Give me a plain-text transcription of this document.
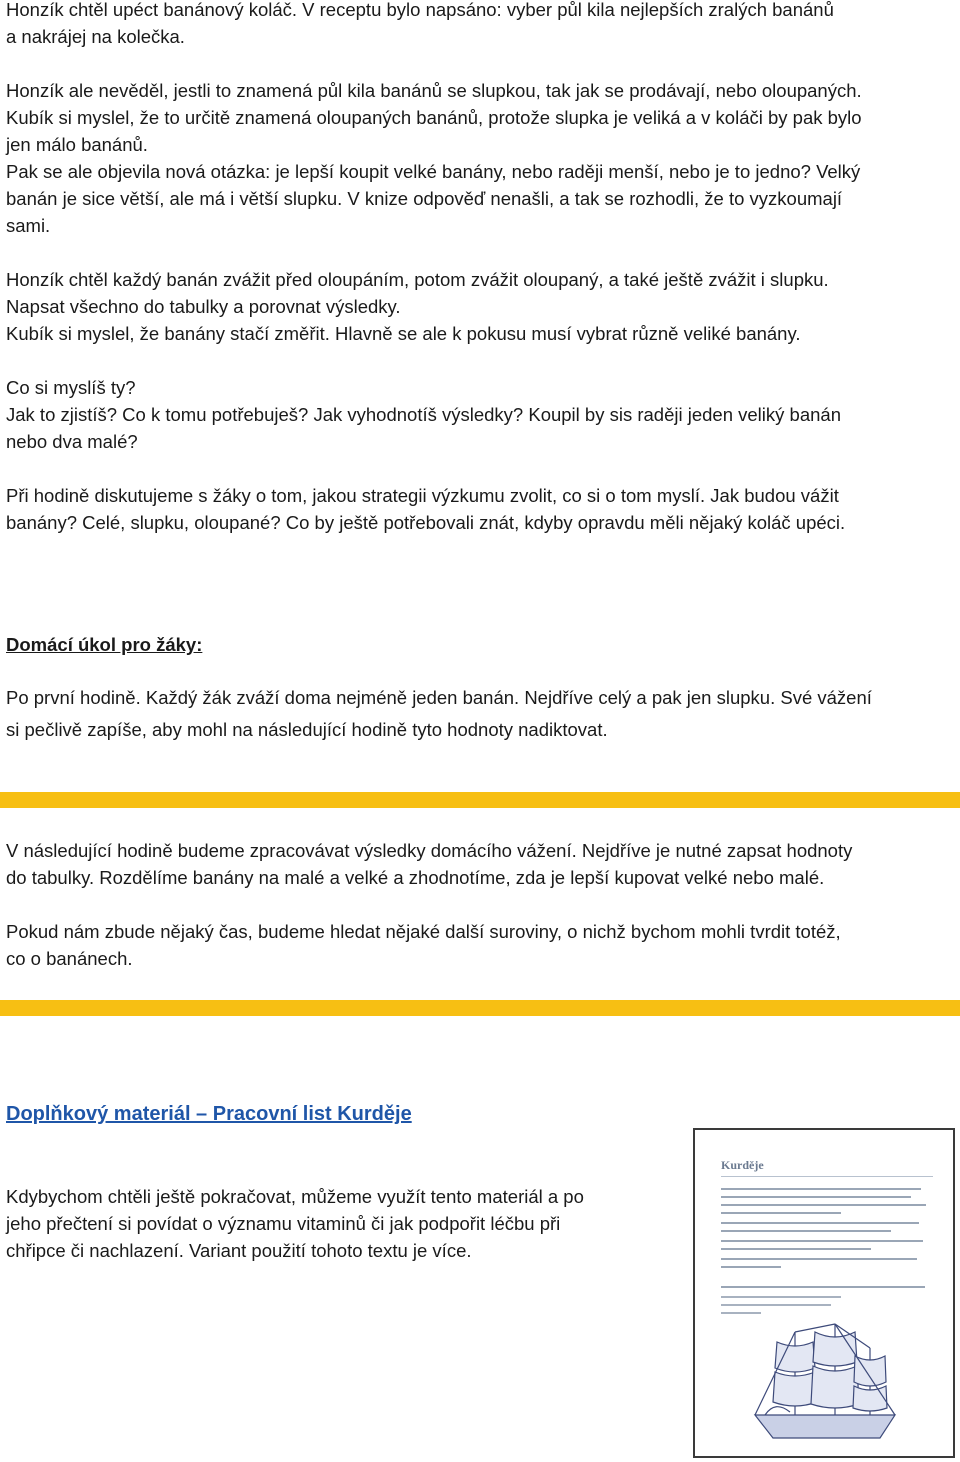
Honzík chtěl upéct banánový koláč. V receptu bylo napsáno: vyber půl kila nejlepších zralých banánů

a nakrájej na kolečka.

Honzík ale nevěděl, jestli to znamená půl kila banánů se slupkou, tak jak se prodávají, nebo oloupaných.

Kubík si myslel, že to určitě znamená oloupaných banánů, protože slupka je veliká a v koláči by pak bylo

jen málo banánů.

Pak se ale objevila nová otázka: je lepší koupit velké banány, nebo raději menší, nebo je to jedno? Velký

banán je sice větší, ale má i větší slupku. V knize odpověď nenašli, a tak se rozhodli, že to vyzkoumají

sami.

Honzík chtěl každý banán zvážit před oloupáním, potom zvážit oloupaný, a také ještě zvážit i slupku.

Napsat všechno do tabulky a porovnat výsledky.

Kubík si myslel, že banány stačí změřit. Hlavně se ale k pokusu musí vybrat různě veliké banány.

Co si myslíš ty?

Jak to zjistíš? Co k tomu potřebuješ? Jak vyhodnotíš výsledky? Koupil by sis raději jeden veliký banán

nebo dva malé?

Při hodině diskutujeme s žáky o tom, jakou strategii výzkumu zvolit, co si o tom myslí. Jak budou vážit

banány? Celé, slupku, oloupané? Co by ještě potřebovali znát, kdyby opravdu měli nějaký koláč upéci.

Domácí úkol pro žáky:

Po první hodině. Každý žák zváží doma nejméně jeden banán. Nejdříve celý a pak jen slupku. Své vážení

si pečlivě zapíše, aby mohl na následující hodině tyto hodnoty nadiktovat.

V následující hodině budeme zpracovávat výsledky domácího vážení. Nejdříve je nutné zapsat hodnoty

do tabulky. Rozdělíme banány na malé a velké a zhodnotíme, zda je lepší kupovat velké nebo malé.

Pokud nám zbude nějaký čas, budeme hledat nějaké další suroviny, o nichž bychom mohli tvrdit totéž,

co o banánech.

Doplňkový materiál – Pracovní list Kurděje

Kdybychom chtěli ještě pokračovat, můžeme využít tento materiál a po

jeho přečtení si povídat o významu vitaminů či jak podpořit léčbu při

chřipce či nachlazení. Variant použití tohoto textu je více.

Kurděje
